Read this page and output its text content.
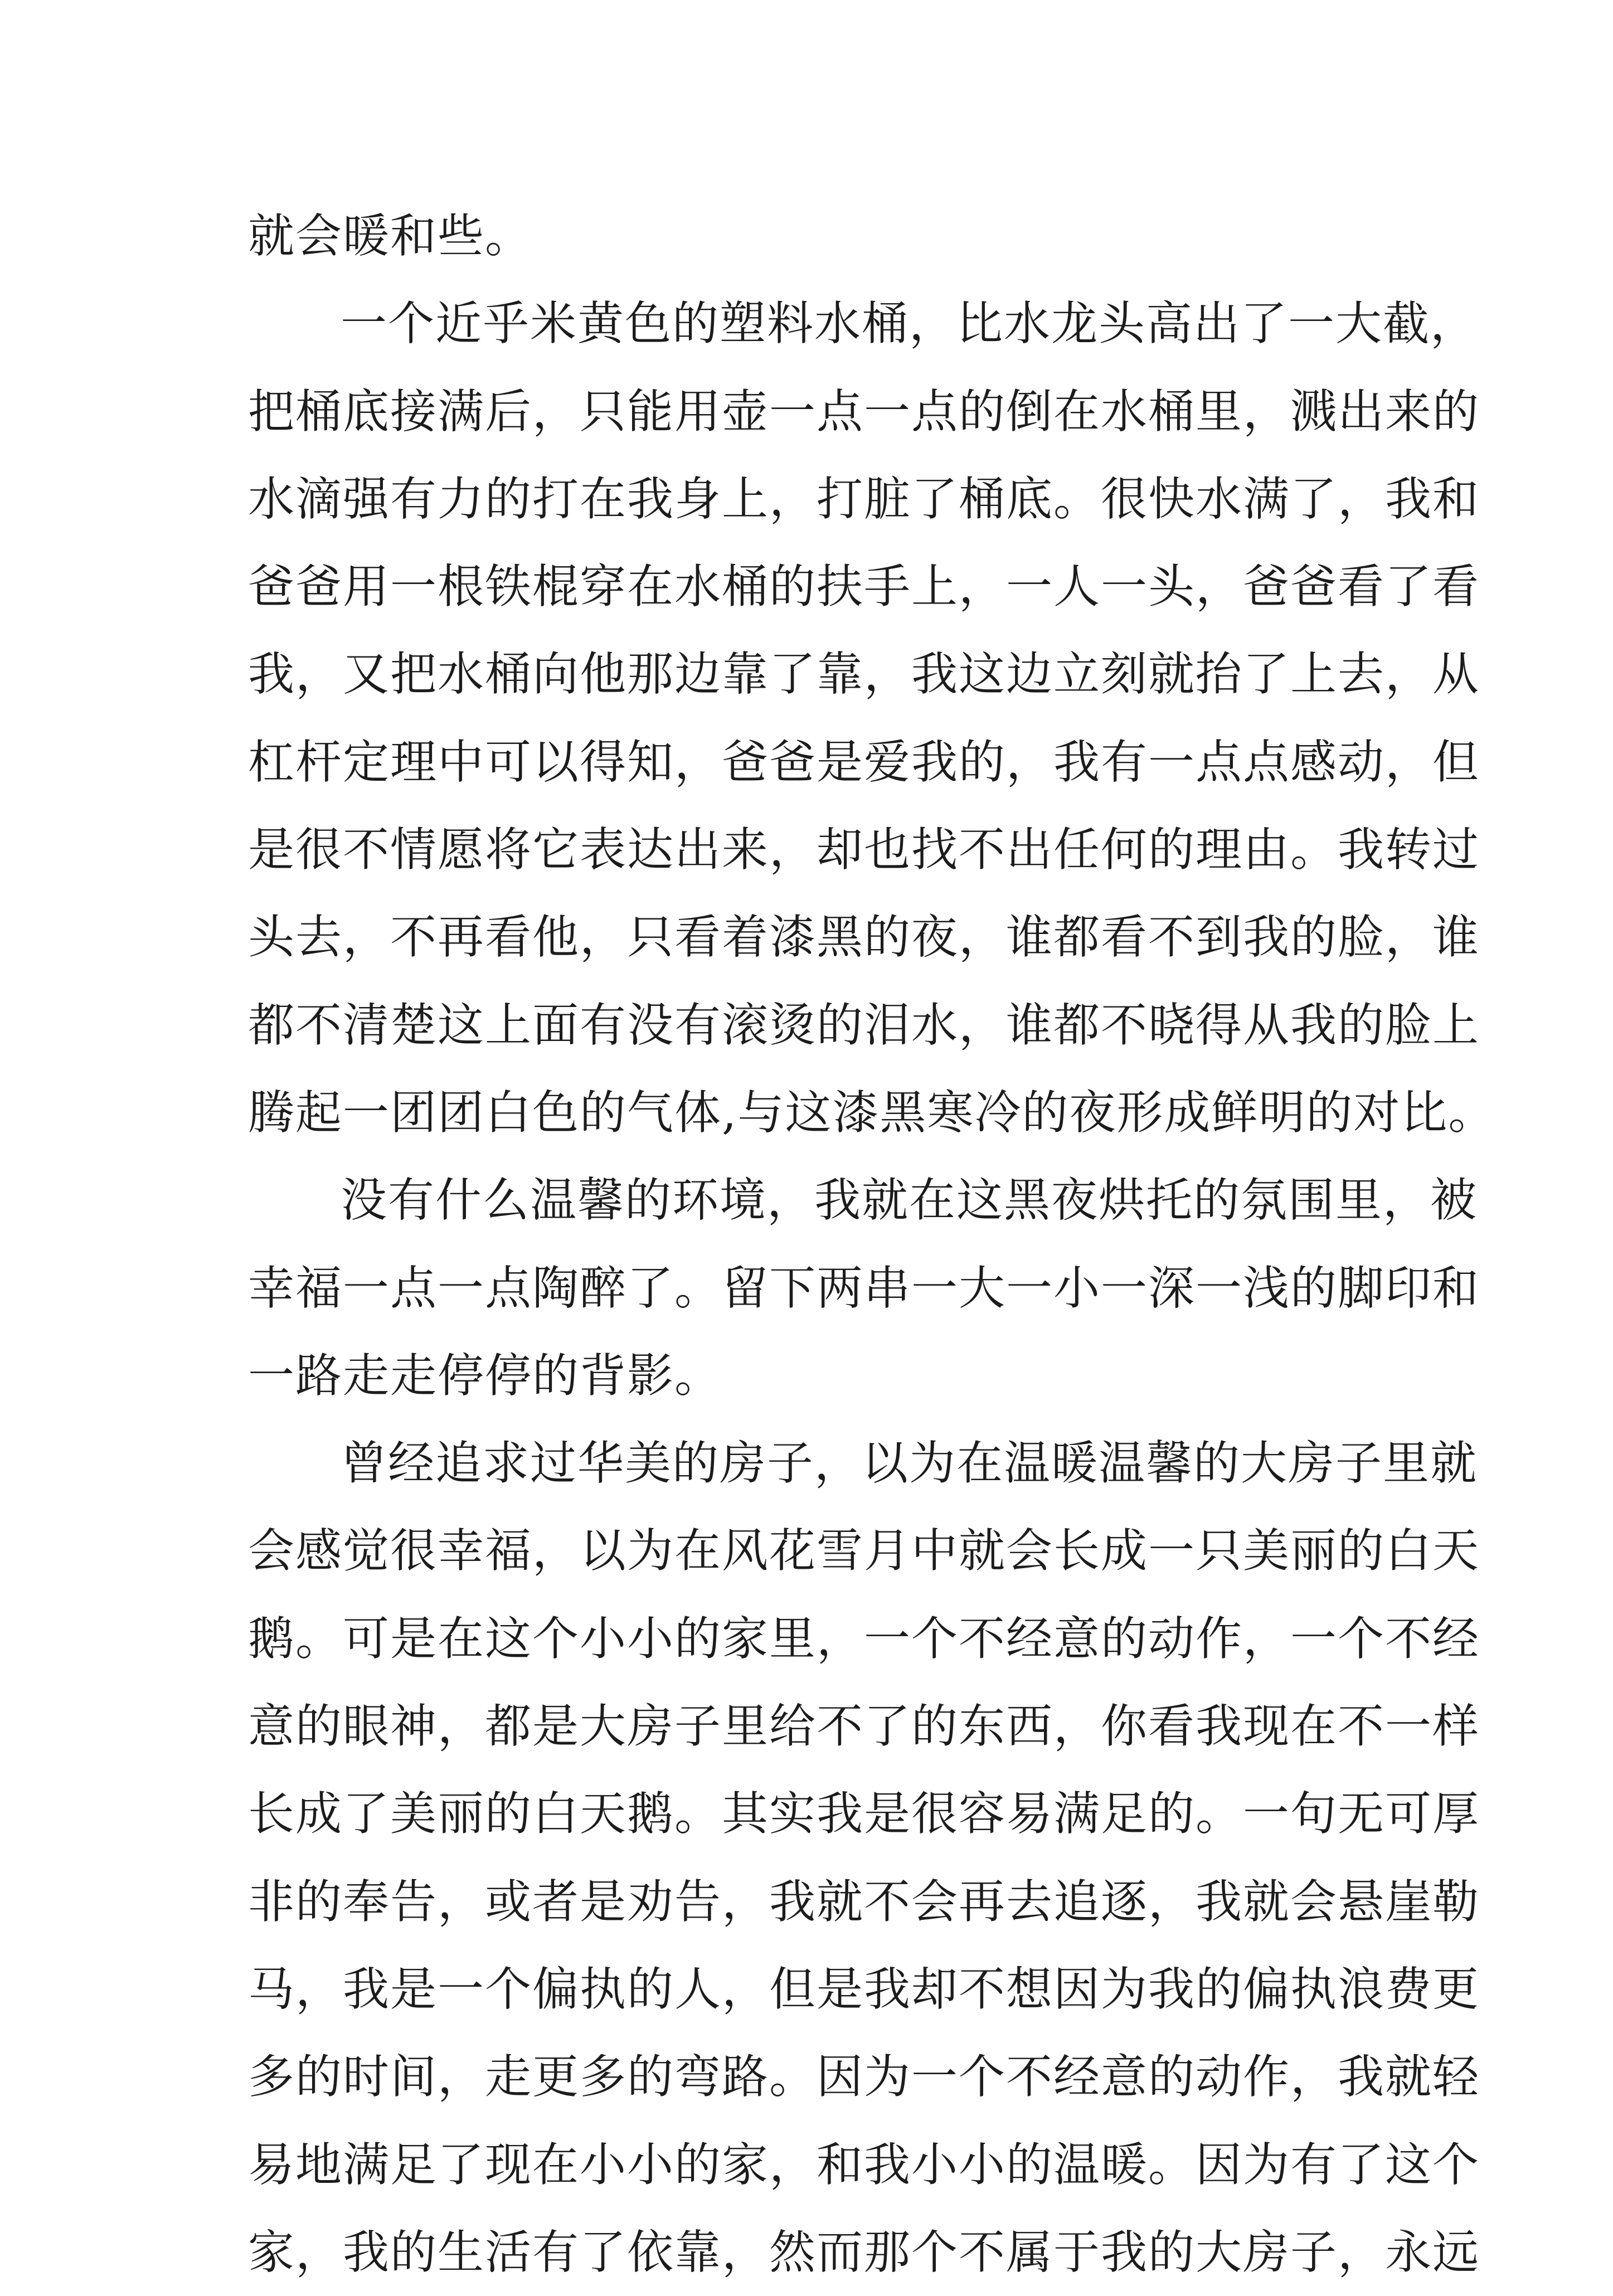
就会暖和些。
一个近乎米黄色的塑料水桶，比水龙头高出了一大截，
把桶底接满后，只能用壶一点一点的倒在水桶里，溅出来的
水滴强有力的打在我身上，打脏了桶底。很快水满了，我和
爸爸用一根铁棍穿在水桶的扶手上，一人一头，爸爸看了看
我，又把水桶向他那边靠了靠，我这边立刻就抬了上去，从
杠杆定理中可以得知，爸爸是爱我的，我有一点点感动，但
是很不情愿将它表达出来，却也找不出任何的理由。我转过
头去，不再看他，只看着漆黑的夜，谁都看不到我的脸，谁
都不清楚这上面有没有滚烫的泪水，谁都不晓得从我的脸上
腾起一团团白色的气体,与这漆黑寒冷的夜形成鲜明的对比。
没有什么温馨的环境，我就在这黑夜烘托的氛围里，被
幸福一点一点陶醉了。留下两串一大一小一深一浅的脚印和
一路走走停停的背影。
曾经追求过华美的房子，以为在温暖温馨的大房子里就
会感觉很幸福，以为在风花雪月中就会长成一只美丽的白天
鹅。可是在这个小小的家里，一个不经意的动作，一个不经
意的眼神，都是大房子里给不了的东西，你看我现在不一样
长成了美丽的白天鹅。其实我是很容易满足的。一句无可厚
非的奉告，或者是劝告，我就不会再去追逐，我就会悬崖勒
马，我是一个偏执的人，但是我却不想因为我的偏执浪费更
多的时间，走更多的弯路。因为一个不经意的动作，我就轻
易地满足了现在小小的家，和我小小的温暖。因为有了这个
家，我的生活有了依靠，然而那个不属于我的大房子，永远
